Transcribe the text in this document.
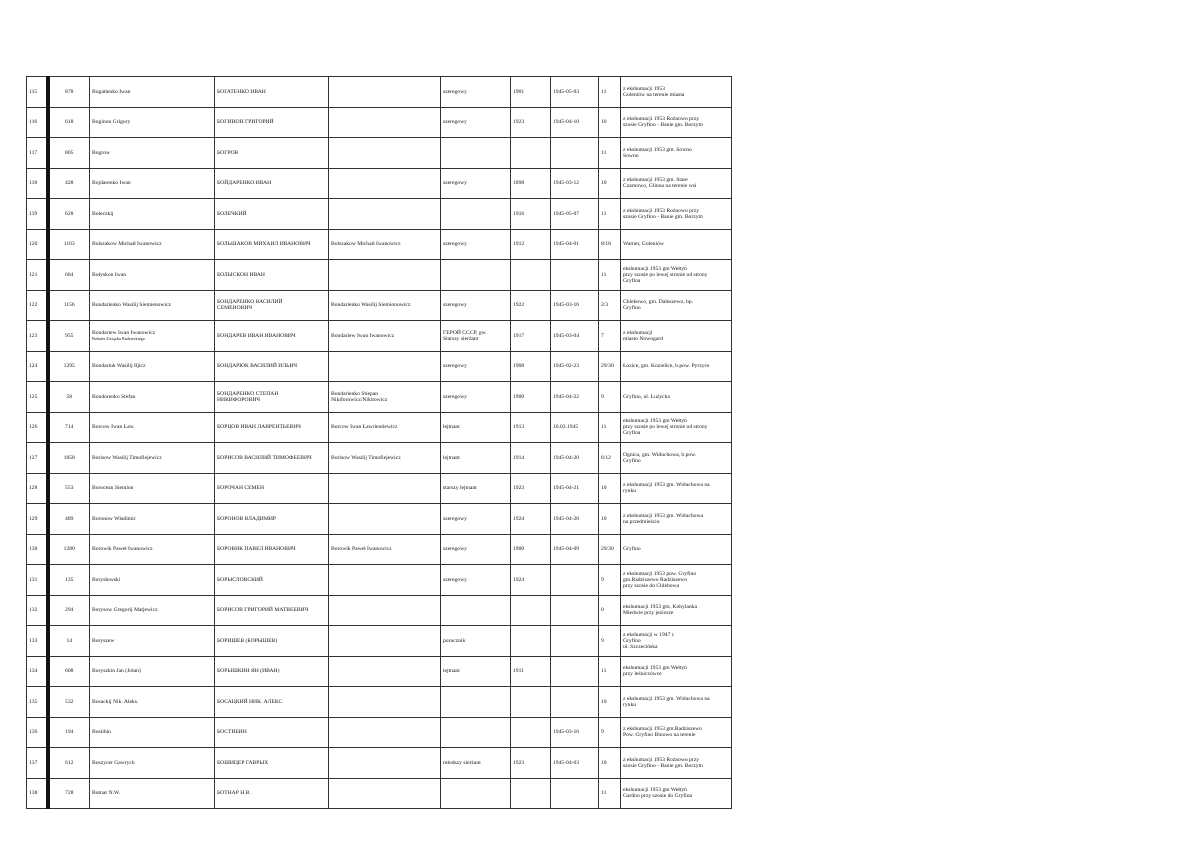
115	878	Bogatienko Iwan	БОГАТЕНКО ИВАН		szeregowy	1901	1945-05-03	11	z ekshumacji 1953
Goleniów na terenie miasta
116	618	Boginon Grigory	БОГИНОН ГРИГОРИЙ		szeregowy	1923	1945-04-10	10	z ekshumacji 1953 Rożnowo przy
szosie Gryfino - Banie gm. Borzym
117	805	Bogrow	БОГРОВ					11	z ekshumacji 1953 gm. Sowno
Sowno
118	428	Bojdarenko Iwan	БОЙДАРЕНКО ИВАН		szeregowy	1898	1945-03-12	10	z ekshumacji 1953 gm. Stare
Czarnowo, Glinna na terenie wsi
119	628	Boleczkij	БОЛЕЧКИЙ			1916	1945-05-07	11	z ekshumacji 1953 Rożnowo przy
szosie Gryfino - Banie gm. Borzym
120	1163	Bolszakow Michaił Iwanowicz	БОЛЬШАКОВ МИХАИЛ ИВАНОВИЧ	Bolszakow Michaił Iwanowicz	szeregowy	1912	1945-04-01	8/18	Warnet, Goleniów
121	684	Bołyskon Iwan	БОЛЫСКОН ИВАН					11	ekshumacji 1953 gm Wełtyń
przy szosie po lewej stronie od strony
Gryfina
122	1156	Bondarienko Wasilij Siemienowicz	БОНДАРЕНКО ВАСИЛИЙ
СЕМЕНОВИЧ	Bondarienko Wasilij Siemionowicz	szeregowy	1922	1945-03-16	2/3	Chlebowo, gm. Daleszewo, bp.
Gryfino
123	955	Bondariew Iwan Iwanowicz
Bohater Związku Radzieckiego	БОНДАРЕВ ИВАН ИВАНОВИЧ	Bondariew Iwan Iwanowicz	ГЕРОЙ СССР, gw.
Starszy sierżant	1917	1945-03-04	7	z ekshumacji
miasto Nowogard
124	1295	Bondariuk Wasilij Iljicz	БОНДАРЮК ВАСИЛИЙ ИЛЬИЧ		szeregowy	1908	1945-02-23	29/30	Łozice, gm. Kozielice, b.pow. Pyrzyce
125	58	Bondorenko Stefan	БОНДАРЕНКО СТЕПАН
НИКИФОРОВИЧ	Bondarienko Stiepan
Nikiforowicz/Nikitowicz	szeregowy	1900	1945-04-22	9	Gryfino, ul. Łużycka
126	714	Borcow Iwan Ław.	БОРЦОВ ИВАН ЛАВРЕНТЬЕВИЧ	Borcow Iwan Ławrientiewicz	lejtnant	1913	10.03.1945	11	ekshumacji 1953 gm Wełtyń
przy szosie po lewej stronie od strony
Gryfina
127	1058	Borisow Wasilij Timofiejewicz	БОРИСОВ ВАСИЛИЙ ТИМОФЕЕВИЧ	Borisow Wasilij Timofiejewicz	lejtnant	1914	1945-04-20	6/12	Ognica, gm. Widuchowa, b.pow.
Gryfino
128	553	Borocean Siemion	БОРОЧАН СЕМЕН		starszy lejtnant	1923	1945-04-21	10	z ekshumacji 1953 gm. Widuchowa na
rynku
129	489	Boronow Władimir	БОРОНОВ ВЛАДИМИР		szeregowy	1924	1945-04-20	10	z ekshumacji 1953 gm. Widuchowa
na przedmieściu
130	1280	Borowik Paweł Iwanowicz	БОРОВИК ПАВЕЛ ИВАНОВИЧ	Borowik Paweł Iwanowicz	szeregowy	1900	1945-04-09	29/30	Gryfino
131	135	Borysłowski	БОРЫСЛОВСКИЙ		szeregowy	1924		9	z ekshumacji 1953 pow. Gryfino
gm.Radziszewo Radziszewo
przy szosie do Chlebowa
132	294	Borysow Gregorij Matjewicz	БОРИСОВ ГРИГОРИЙ МАТВЕЕВИЧ					0	ekshumacji 1953 gm. Kobylanka
Miedwie przy jeziorze
133	14	Boryszew	БОРИШЕВ (БОРЫШЕВ)		porucznik			9	z ekshumacji w 1947 r.
Gryfino
ul. Szczecińska
134	608	Boryszkin Jan (Jołan)	БОРЫШКИН ЯН (ИВАН)		lejtnant	1911		11	ekshumacji 1953 gm Wełtyń
przy leśniczówce
135	532	Bosackij Nik. Aleks.	БОСАЦКИЙ НИК. АЛЕКС.					10	z ekshumacji 1953 gm. Widuchowa na
rynku
136	194	Bostibin	БОСТИБИН				1945-03-16	9	z ekshumacji 1953 gm.Radziszewo
Pow. Gryfino Binowo na terenie
137	612	Boszycer Gawrych	БОШИЦЕР ГАВРЫХ		młodszy sierżant	1923	1945-04-03	10	z ekshumacji 1953 Rożnowo przy
szosie Gryfino - Banie gm. Borzym
138	728	Botnar N.W.	БОТНАР Н.В.					11	ekshumacji 1953 gm Wełtyń
Gardno przy szosie do Gryfina
